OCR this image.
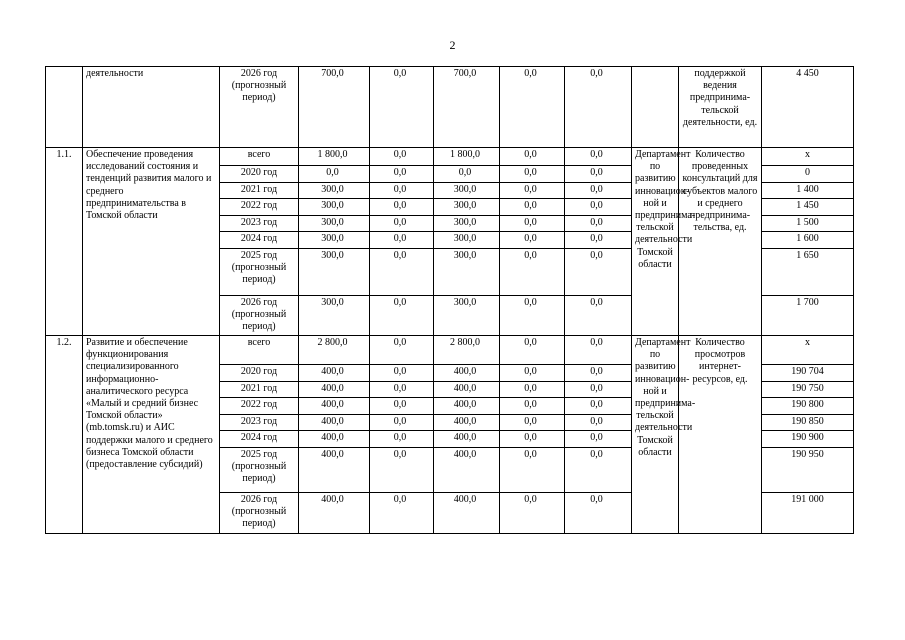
2
	деятельности	2026 год (прогнозный период)	700,0	0,0	700,0	0,0	0,0		поддержкой ведения предпринима-тельской деятельности, ед.	4 450
1.1.	Обеспечение проведения исследований состояния и тенденций развития малого и среднего предпринимательства в Томской области	всего	1 800,0	0,0	1 800,0	0,0	0,0	Департамент по развитию инновацион-ной и предпринима-тельской деятельности Томской области	Количество проведенных консультаций для субъектов малого и среднего предпринима-тельства, ед.	х
		2020 год	0,0	0,0	0,0	0,0	0,0			0
		2021 год	300,0	0,0	300,0	0,0	0,0			1 400
		2022 год	300,0	0,0	300,0	0,0	0,0			1 450
		2023 год	300,0	0,0	300,0	0,0	0,0			1 500
		2024 год	300,0	0,0	300,0	0,0	0,0			1 600
		2025 год (прогнозный период)	300,0	0,0	300,0	0,0	0,0			1 650
		2026 год (прогнозный период)	300,0	0,0	300,0	0,0	0,0			1 700
1.2.	Развитие и обеспечение функционирования специализированного информационно-аналитического ресурса «Малый и средний бизнес Томской области» (mb.tomsk.ru) и АИС поддержки малого и среднего бизнеса Томской области (предоставление субсидий)	всего	2 800,0	0,0	2 800,0	0,0	0,0	Департамент по развитию инновацион-ной и предпринима-тельской деятельности Томской области	Количество просмотров интернет-ресурсов, ед.	х
		2020 год	400,0	0,0	400,0	0,0	0,0			190 704
		2021 год	400,0	0,0	400,0	0,0	0,0			190 750
		2022 год	400,0	0,0	400,0	0,0	0,0			190 800
		2023 год	400,0	0,0	400,0	0,0	0,0			190 850
		2024 год	400,0	0,0	400,0	0,0	0,0			190 900
		2025 год (прогнозный период)	400,0	0,0	400,0	0,0	0,0			190 950
		2026 год (прогнозный период)	400,0	0,0	400,0	0,0	0,0			191 000
